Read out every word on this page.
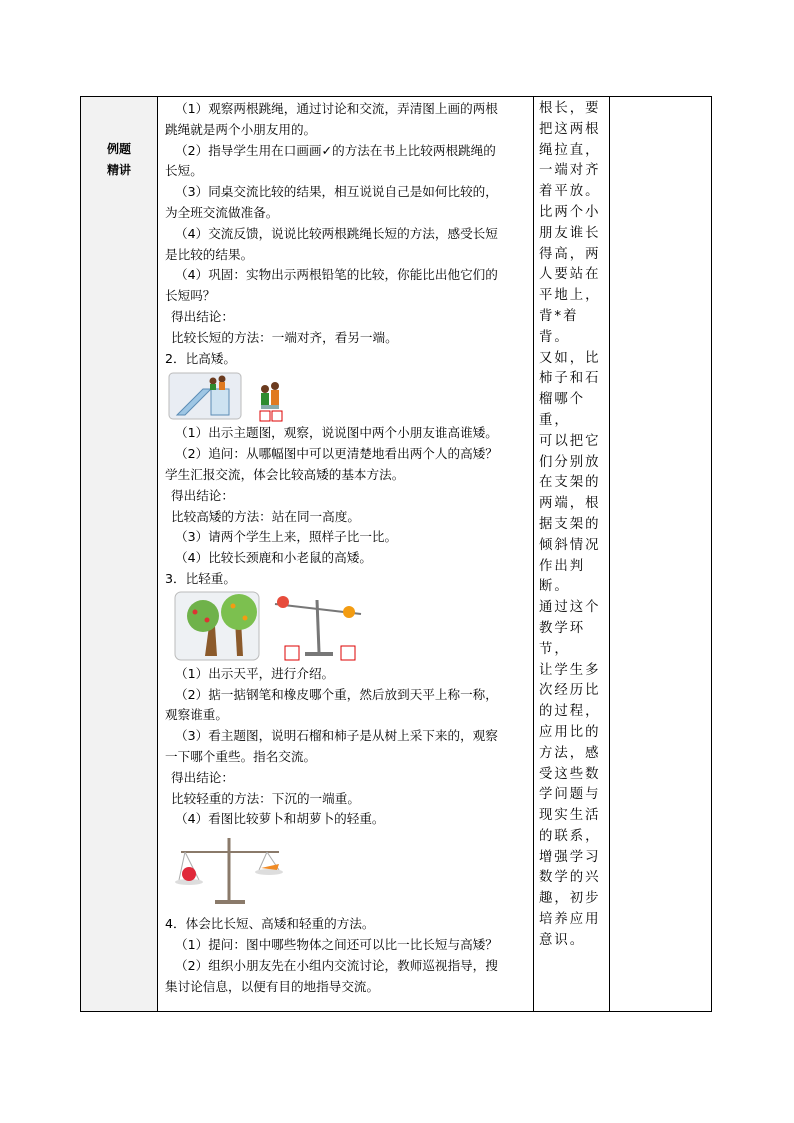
例题
精讲

（1）观察两根跳绳，通过讨论和交流，弄清图上画的两根

跳绳就是两个小朋友用的。

（2）指导学生用在口画画✓的方法在书上比较两根跳绳的

长短。

（3）同桌交流比较的结果，相互说说自己是如何比较的，

为全班交流做准备。

（4）交流反馈，说说比较两根跳绳长短的方法，感受长短

是比较的结果。

（4）巩固：实物出示两根铅笔的比较，你能比出他它们的

长短吗？

得出结论：

比较长短的方法：一端对齐，看另一端。

2．比高矮。

（1）出示主题图，观察，说说图中两个小朋友谁高谁矮。

（2）追问：从哪幅图中可以更清楚地看出两个人的高矮？

学生汇报交流，体会比较高矮的基本方法。

得出结论：

比较高矮的方法：站在同一高度。

（3）请两个学生上来，照样子比一比。

（4）比较长颈鹿和小老鼠的高矮。

3．比轻重。

（1）出示天平，进行介绍。

（2）掂一掂钢笔和橡皮哪个重，然后放到天平上称一称，

观察谁重。

（3）看主题图，说明石榴和柿子是从树上采下来的，观察

一下哪个重些。指名交流。

得出结论：

比较轻重的方法：下沉的一端重。

（4）看图比较萝卜和胡萝卜的轻重。

4．体会比长短、高矮和轻重的方法。

（1）提问：图中哪些物体之间还可以比一比长短与高矮？

（2）组织小朋友先在小组内交流讨论，教师巡视指导，搜

集讨论信息，以便有目的地指导交流。

根长，要
把这两根
绳拉直，
一端对齐
着平放。
比两个小
朋友谁长
得高，两
人要站在
平地上，
背*着背。
又如，比
柿子和石
榴哪个重，
可以把它
们分别放
在支架的
两端，根
据支架的
倾斜情况
作出判断。
通过这个
教学环节，
让学生多
次经历比
的过程，
应用比的
方法，感
受这些数
学问题与
现实生活
的联系，
增强学习
数学的兴
趣，初步
培养应用
意识。
